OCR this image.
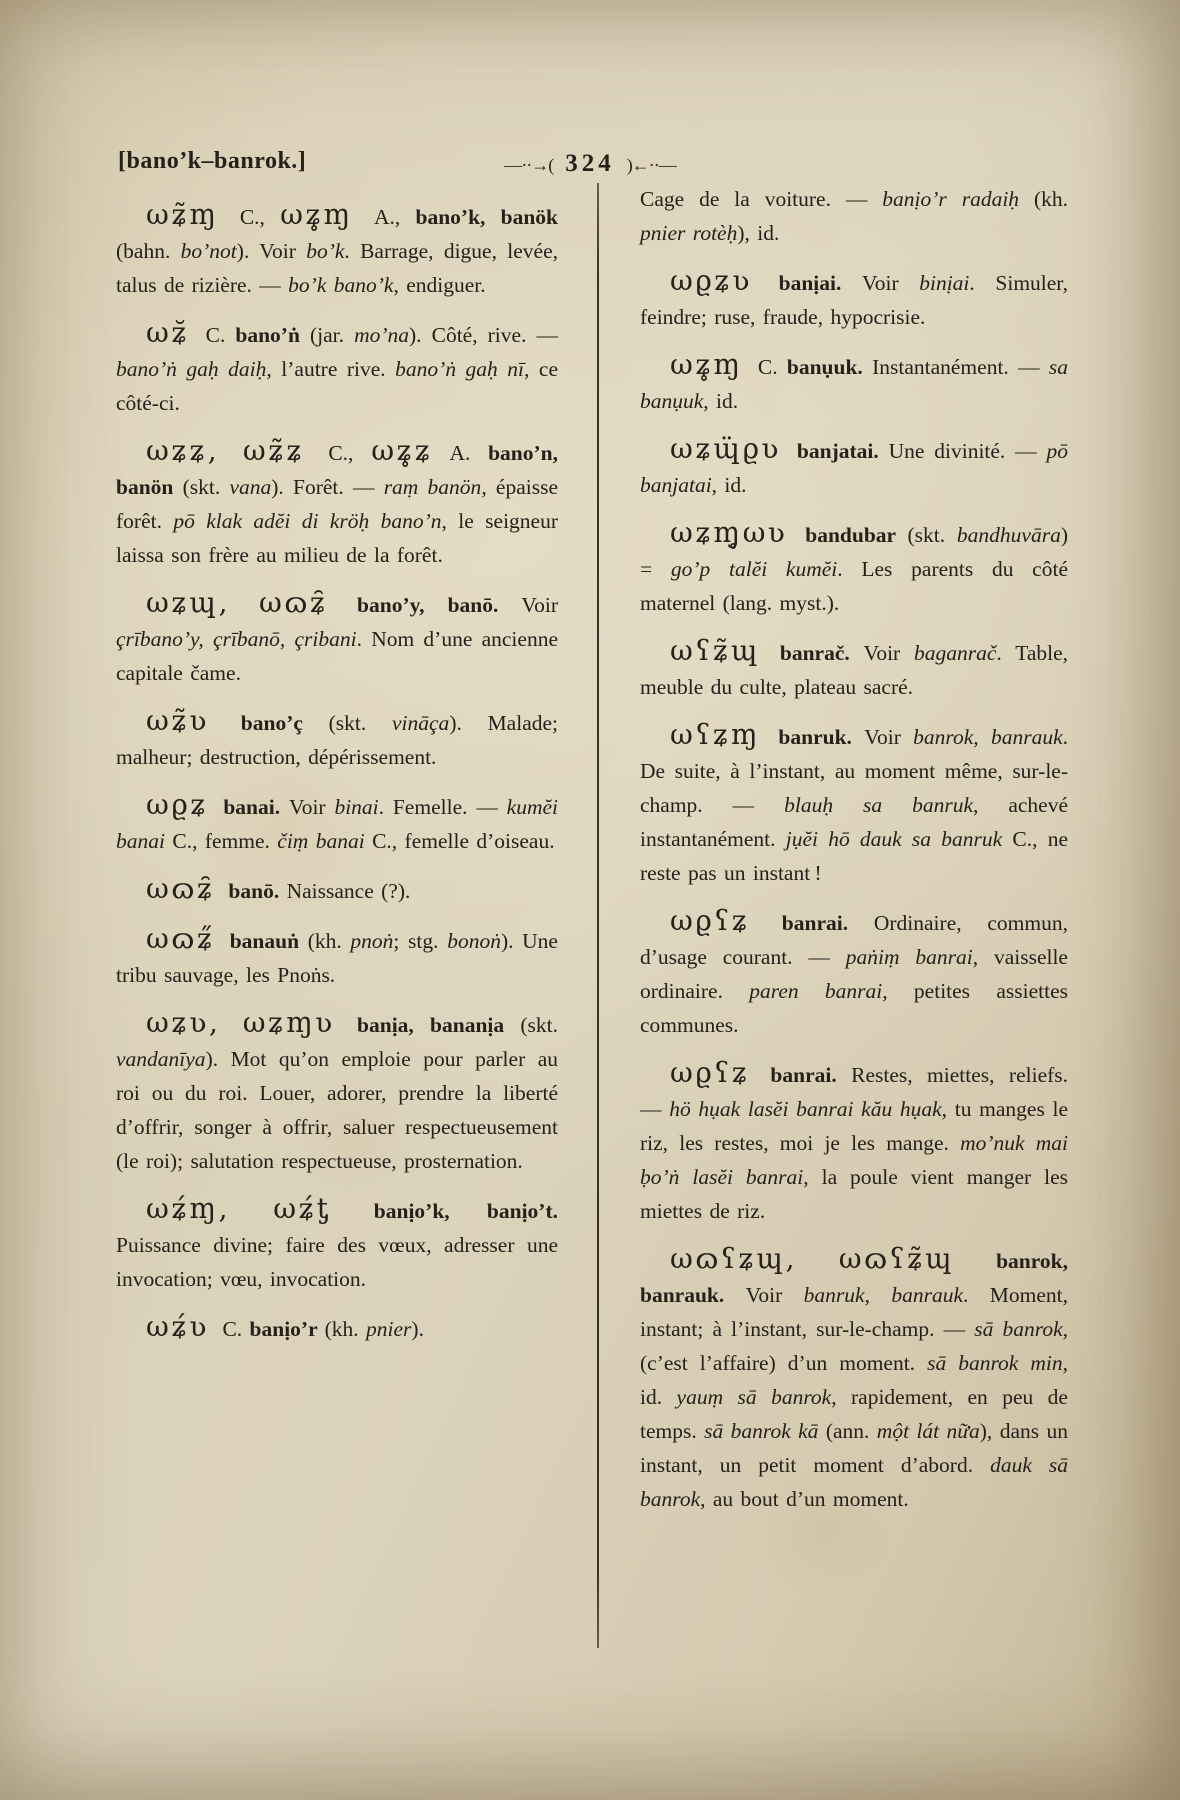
[bano’k–banrok.]	—··→( 324 )←··—

ωʑ̃ɱ C., ωʑ̥ɱ A., bano’k, banök (bahn. bo’not). Voir bo’k. Barrage, digue, levée, talus de rizière. — bo’k bano’k, endiguer.

ωʑ̆ C. bano’ṅ (jar. mo’na). Côté, rive. — bano’ṅ gaḥ daiḥ, l’autre rive. bano’ṅ gaḥ nī, ce côté-ci.

ωʑʑ, ωʑ̃ʑ C., ωʑ̥ʑ A. bano’n, banön (skt. vana). Forêt. — raṃ banön, épaisse forêt. pō klak adĕi di kröḥ bano’n, le seigneur laissa son frère au milieu de la forêt.

ωʑɰ, ωɷʑ̑ bano’y, banō. Voir çrībano’y, çrībanō, çribani. Nom d’une ancienne capitale čame.

ωʑ̃ʋ bano’ç (skt. vināça). Malade; malheur; destruction, dépérissement.

ωϱʑ banai. Voir binai. Femelle. — kumĕi banai C., femme. čiṃ banai C., femelle d’oiseau.

ωɷʑ̑ banō. Naissance (?).

ωɷʑ̋ banauṅ (kh. pnoṅ; stg. bonoṅ). Une tribu sauvage, les Pnoṅs.

ωʑʋ, ωʑɱʋ banịa, bananịa (skt. vandanīya). Mot qu’on emploie pour parler au roi ou du roi. Louer, adorer, prendre la liberté d’offrir, songer à offrir, saluer respectueusement (le roi); salutation respectueuse, prosternation.

ωʑ́ɱ, ωʑ́ƫ banịo’k, banịo’t. Puissance divine; faire des vœux, adresser une invocation; vœu, invocation.

ωʑ́ʋ C. banịo’r (kh. pnier).

Cage de la voiture. — banịo’r radaiḥ (kh. pnier rotèḥ), id.

ωϱʑʋ banịai. Voir binịai. Simuler, feindre; ruse, fraude, hypocrisie.

ωʑ̥ɱ C. banụuk. Instantanément. — sa banụuk, id.

ωʑɰ̈ϱʋ banjatai. Une divinité. — pō banjatai, id.

ωʑɱ̥ωʋ bandubar (skt. bandhuvāra) = go’p talĕi kumĕi. Les parents du côté maternel (lang. myst.).

ωʕʑ̃ɰ banrač. Voir baganrač. Table, meuble du culte, plateau sacré.

ωʕʑɱ banruk. Voir banrok, banrauk. De suite, à l’instant, au moment même, sur-le-champ. — blauḥ sa banruk, achevé instantanément. jụĕi hō dauk sa banruk C., ne reste pas un instant !

ωϱʕʑ banrai. Ordinaire, commun, d’usage courant. — paṅiṃ banrai, vaisselle ordinaire. paren banrai, petites assiettes communes.

ωϱʕʑ banrai. Restes, miettes, reliefs. — hö hụak lasĕi banrai kău hụak, tu manges le riz, les restes, moi je les mange. mo’nuk mai ḅo’ṅ lasĕi banrai, la poule vient manger les miettes de riz.

ωɷʕʑɰ, ωɷʕʑ̃ɰ banrok, banrauk. Voir banruk, banrauk. Moment, instant; à l’instant, sur-le-champ. — sā banrok, (c’est l’affaire) d’un moment. sā banrok min, id. yauṃ sā banrok, rapidement, en peu de temps. sā banrok kā (ann. một lát nữa), dans un instant, un petit moment d’abord. dauk sā banrok, au bout d’un moment.
